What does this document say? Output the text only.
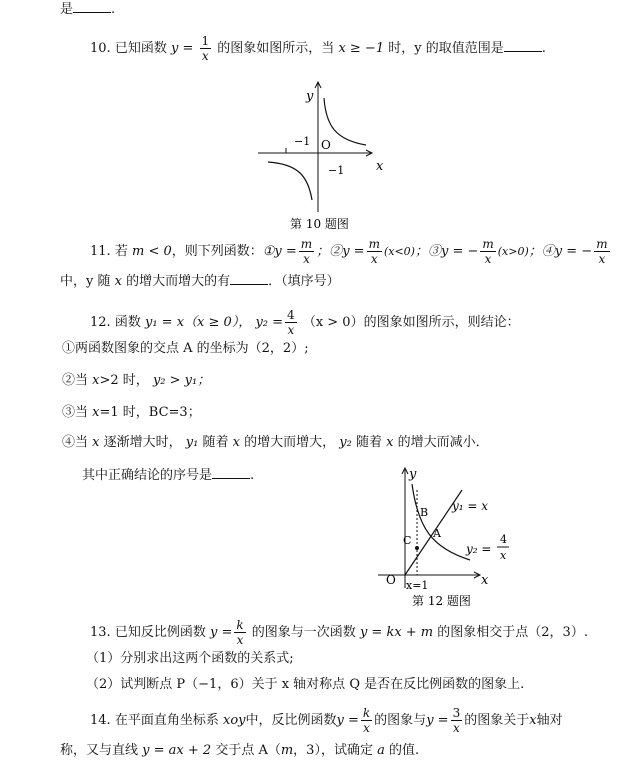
是	.
10. 已知函数 $y = \frac{1}{x}$ 的图象如图所示，当 x ≥ −1 时，y 的取值范围是	.
y
x
O
−1
−1
第 10 题图
11. 若 m < 0，则下列函数：①y = $\frac{m}{x}$ ；②y = $\frac{m}{x} (x<0)$；③y = − $\frac{m}{x} (x>0)$；④y = − $\frac{m}{x}$
中，y 随 x 的增大而增大的有	．（填序号）
12. 函数 y₁ = x（x ≥ 0）， $y_2 = \frac{4}{x} (x > 0)$的图象如图所示，则结论：
①两函数图象的交点 A 的坐标为（2，2）;
②当 x>2 时， y₂ > y₁；
③当 x=1 时，BC=3；
④当 x 逐渐增大时， y₁ 随着 x 的增大而增大， y₂ 随着 x 的增大而减小．
其中正确结论的序号是	.	y
x
O
B
A
C
y₁ = x
y₂ =
4
x
x=1
第 12 题图
13. 已知反比例函数 $y = \frac{k}{x}$ 的图象与一次函数 y = kx + m 的图象相交于点（2，3）.
（1）分别求出这两个函数的关系式;
（2）试判断点 P（−1，6）关于 x 轴对称点 Q 是否在反比例函数的图象上.
14. 在平面直角坐标系 xoy中，反比例函数$y = \frac{k}{x}$ 的图象与$y = \frac{3}{x}$ 的图象关于x轴对
称，又与直线 y = ax + 2 交于点 A（m，3），试确定 a 的值.
